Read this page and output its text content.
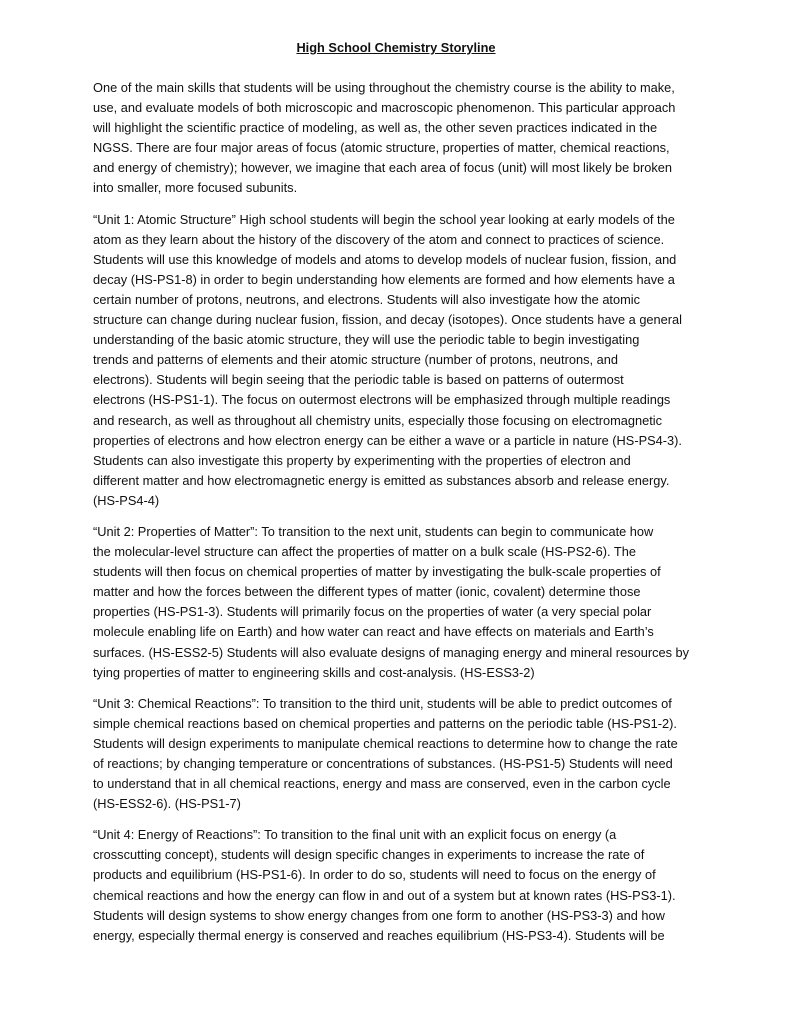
High School Chemistry Storyline
One of the main skills that students will be using throughout the chemistry course is the ability to make,
use, and evaluate models of both microscopic and macroscopic phenomenon. This particular approach
will highlight the scientific practice of modeling, as well as, the other seven practices indicated in the
NGSS. There are four major areas of focus (atomic structure, properties of matter, chemical reactions,
and energy of chemistry); however, we imagine that each area of focus (unit) will most likely be broken
into smaller, more focused subunits.
“Unit 1: Atomic Structure” High school students will begin the school year looking at early models of the
atom as they learn about the history of the discovery of the atom and connect to practices of science.
Students will use this knowledge of models and atoms to develop models of nuclear fusion, fission, and
decay (HS-PS1-8) in order to begin understanding how elements are formed and how elements have a
certain number of protons, neutrons, and electrons. Students will also investigate how the atomic
structure can change during nuclear fusion, fission, and decay (isotopes). Once students have a general
understanding of the basic atomic structure, they will use the periodic table to begin investigating
trends and patterns of elements and their atomic structure (number of protons, neutrons, and
electrons). Students will begin seeing that the periodic table is based on patterns of outermost
electrons (HS-PS1-1). The focus on outermost electrons will be emphasized through multiple readings
and research, as well as throughout all chemistry units, especially those focusing on electromagnetic
properties of electrons and how electron energy can be either a wave or a particle in nature (HS-PS4-3).
Students can also investigate this property by experimenting with the properties of electron and
different matter and how electromagnetic energy is emitted as substances absorb and release energy.
(HS-PS4-4)
“Unit 2: Properties of Matter”: To transition to the next unit, students can begin to communicate how
the molecular-level structure can affect the properties of matter on a bulk scale (HS-PS2-6). The
students will then focus on chemical properties of matter by investigating the bulk-scale properties of
matter and how the forces between the different types of matter (ionic, covalent) determine those
properties (HS-PS1-3). Students will primarily focus on the properties of water (a very special polar
molecule enabling life on Earth) and how water can react and have effects on materials and Earth’s
surfaces. (HS-ESS2-5) Students will also evaluate designs of managing energy and mineral resources by
tying properties of matter to engineering skills and cost-analysis. (HS-ESS3-2)
“Unit 3: Chemical Reactions”: To transition to the third unit, students will be able to predict outcomes of
simple chemical reactions based on chemical properties and patterns on the periodic table (HS-PS1-2).
Students will design experiments to manipulate chemical reactions to determine how to change the rate
of reactions; by changing temperature or concentrations of substances. (HS-PS1-5) Students will need
to understand that in all chemical reactions, energy and mass are conserved, even in the carbon cycle
(HS-ESS2-6). (HS-PS1-7)
“Unit 4: Energy of Reactions”: To transition to the final unit with an explicit focus on energy (a
crosscutting concept), students will design specific changes in experiments to increase the rate of
products and equilibrium (HS-PS1-6). In order to do so, students will need to focus on the energy of
chemical reactions and how the energy can flow in and out of a system but at known rates (HS-PS3-1).
Students will design systems to show energy changes from one form to another (HS-PS3-3) and how
energy, especially thermal energy is conserved and reaches equilibrium (HS-PS3-4). Students will be
